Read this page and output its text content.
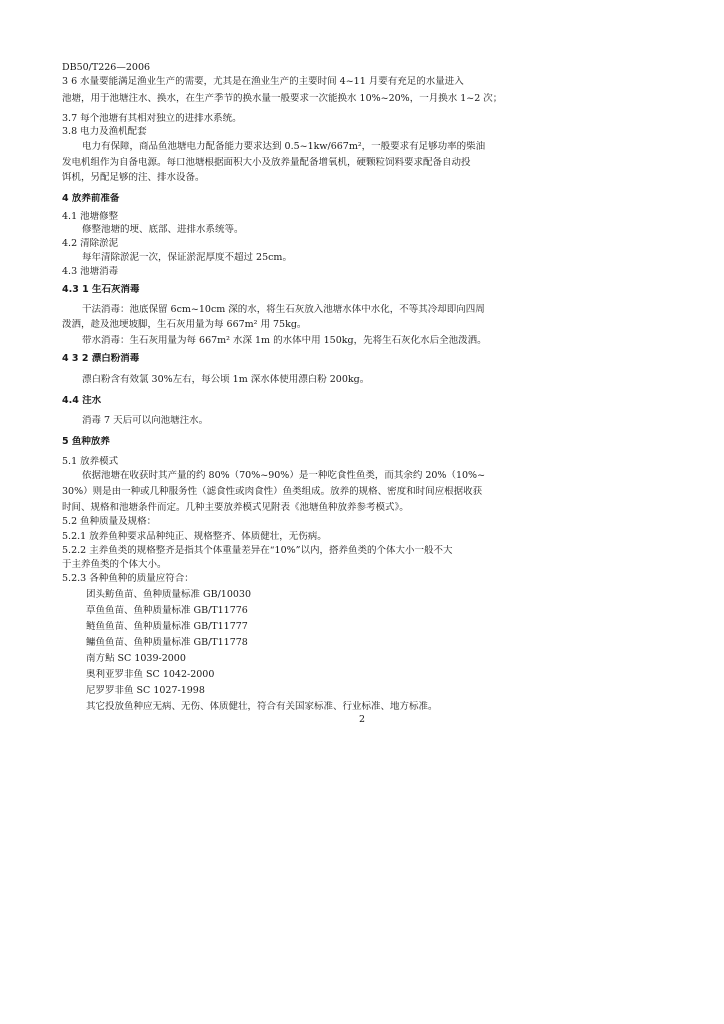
DB50/T226—2006
3 6 水量要能满足渔业生产的需要，尤其是在渔业生产的主要时间 4~11 月要有充足的水量进入
池塘，用于池塘注水、换水，在生产季节的换水量一般要求一次能换水 10%~20%，一月换水 1~2 次；
3.7 每个池塘有其相对独立的进排水系统。
3.8 电力及渔机配套
电力有保障，商品鱼池塘电力配备能力要求达到 0.5~1kw/667m²，一般要求有足够功率的柴油
发电机组作为自备电源。每口池塘根据面积大小及放养量配备增氧机，硬颗粒饲料要求配备自动投
饵机，另配足够的注、排水设备。
4 放养前准备
4.1 池塘修整
修整池塘的埂、底部、进排水系统等。
4.2 清除淤泥
每年清除淤泥一次，保证淤泥厚度不超过 25cm。
4.3 池塘消毒
4.3 1 生石灰消毒
干法消毒：池底保留 6cm~10cm 深的水，将生石灰放入池塘水体中水化，不等其冷却即向四周
泼洒，趁及池埂坡脚，生石灰用量为每 667m² 用 75kg。
带水消毒：生石灰用量为每 667m² 水深 1m 的水体中用 150kg，先将生石灰化水后全池泼洒。
4 3 2 漂白粉消毒
漂白粉含有效氯 30%左右，每公顷 1m 深水体使用漂白粉 200kg。
4.4 注水
消毒 7 天后可以向池塘注水。
5 鱼种放养
5.1 放养模式
依据池塘在收获时其产量的约 80%（70%~90%）是一种吃食性鱼类，而其余约 20%（10%~
30%）则是由一种或几种服务性（滤食性或肉食性）鱼类组成。放养的规格、密度和时间应根据收获
时间、规格和池塘条件而定。几种主要放养模式见附表《池塘鱼种放养参考模式》。
5.2 鱼种质量及规格：
5.2.1 放养鱼种要求品种纯正、规格整齐、体质健壮，无伤病。
5.2.2 主养鱼类的规格整齐是指其个体重量差异在“10%”以内，搭养鱼类的个体大小一般不大
于主养鱼类的个体大小。
5.2.3 各种鱼种的质量应符合：
团头鲂鱼苗、鱼种质量标准 GB/10030
草鱼鱼苗、鱼种质量标准 GB/T11776
鲢鱼鱼苗、鱼种质量标准 GB/T11777
鳙鱼鱼苗、鱼种质量标准 GB/T11778
南方鲇 SC 1039-2000
奥利亚罗非鱼 SC 1042-2000
尼罗罗非鱼 SC 1027-1998
其它投放鱼种应无病、无伤、体质健壮，符合有关国家标准、行业标准、地方标准。
2
